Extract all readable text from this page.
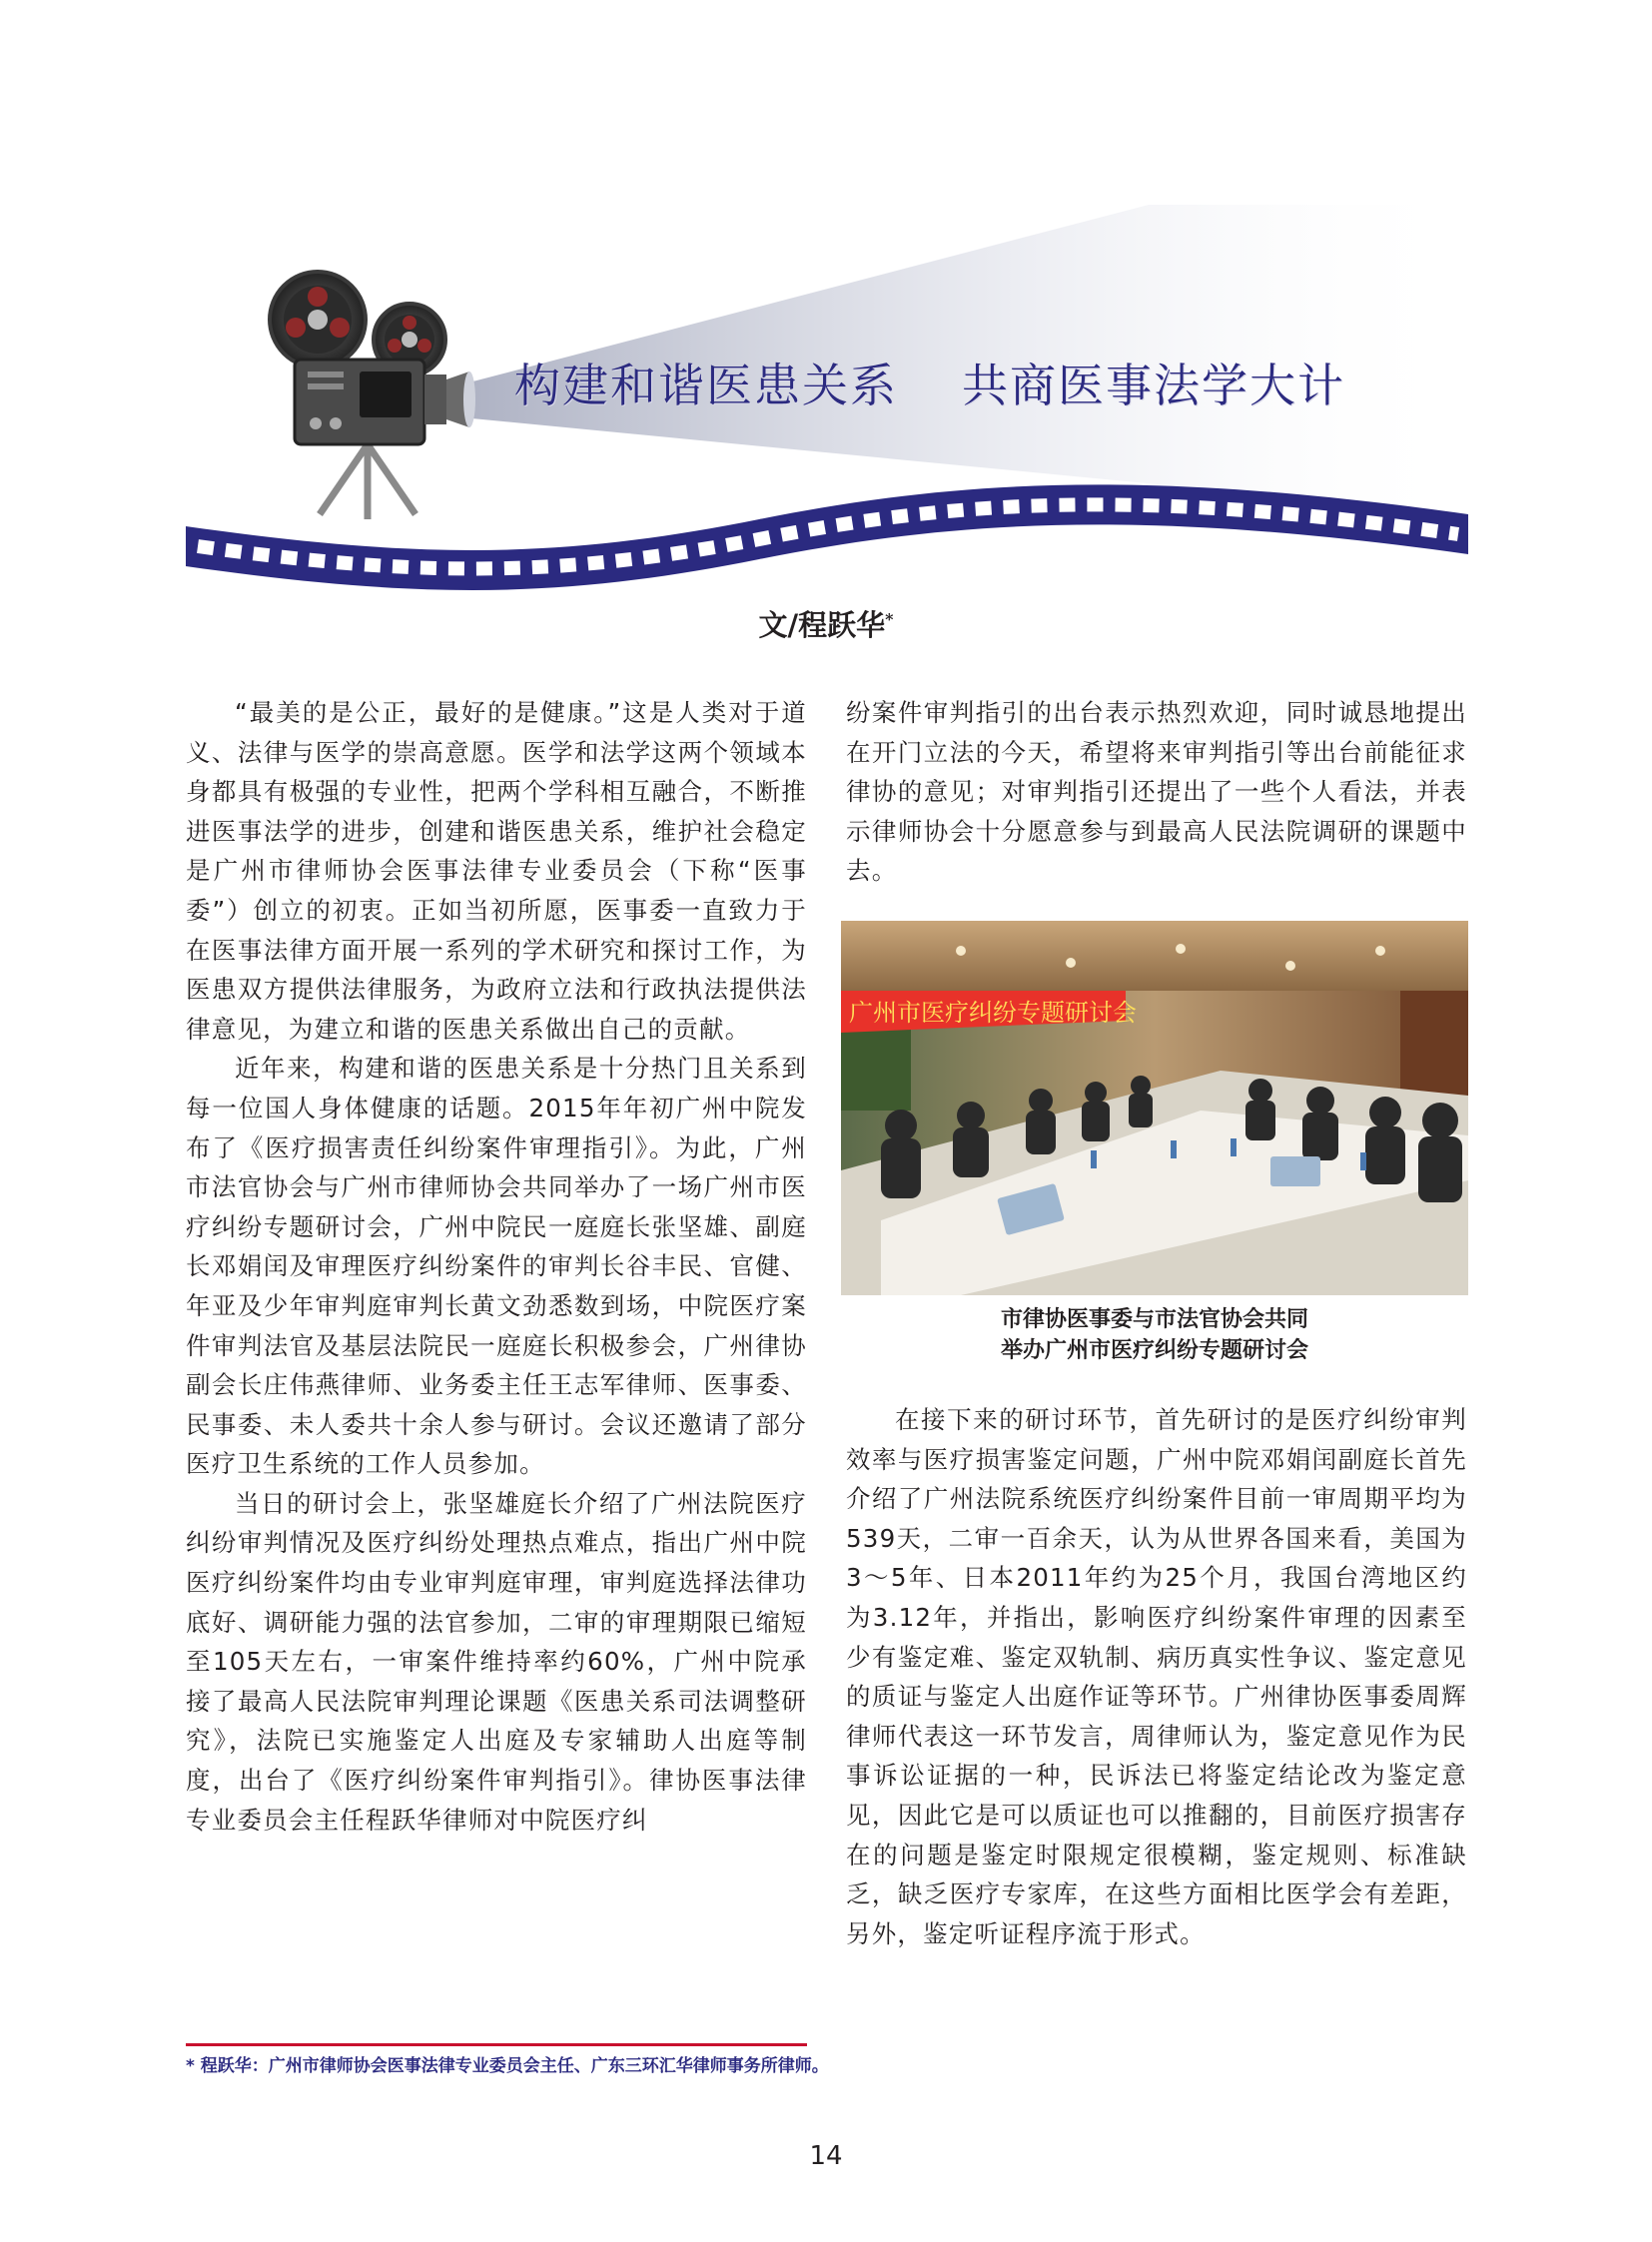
构建和谐医患关系 共商医事法学大计
文/程跃华*

“最美的是公正，最好的是健康。”这是人类对于道义、法律与医学的崇高意愿。医学和法学这两个领域本身都具有极强的专业性，把两个学科相互融合，不断推进医事法学的进步，创建和谐医患关系，维护社会稳定是广州市律师协会医事法律专业委员会（下称“医事委”）创立的初衷。正如当初所愿，医事委一直致力于在医事法律方面开展一系列的学术研究和探讨工作，为医患双方提供法律服务，为政府立法和行政执法提供法律意见，为建立和谐的医患关系做出自己的贡献。

近年来，构建和谐的医患关系是十分热门且关系到每一位国人身体健康的话题。2015年年初广州中院发布了《医疗损害责任纠纷案件审理指引》。为此，广州市法官协会与广州市律师协会共同举办了一场广州市医疗纠纷专题研讨会，广州中院民一庭庭长张坚雄、副庭长邓娟闰及审理医疗纠纷案件的审判长谷丰民、官健、年亚及少年审判庭审判长黄文劲悉数到场，中院医疗案件审判法官及基层法院民一庭庭长积极参会，广州律协副会长庄伟燕律师、业务委主任王志军律师、医事委、民事委、未人委共十余人参与研讨。会议还邀请了部分医疗卫生系统的工作人员参加。

当日的研讨会上，张坚雄庭长介绍了广州法院医疗纠纷审判情况及医疗纠纷处理热点难点，指出广州中院医疗纠纷案件均由专业审判庭审理，审判庭选择法律功底好、调研能力强的法官参加，二审的审理期限已缩短至105天左右，一审案件维持率约60%，广州中院承接了最高人民法院审判理论课题《医患关系司法调整研究》，法院已实施鉴定人出庭及专家辅助人出庭等制度，出台了《医疗纠纷案件审判指引》。律协医事法律专业委员会主任程跃华律师对中院医疗纠

纷案件审判指引的出台表示热烈欢迎，同时诚恳地提出在开门立法的今天，希望将来审判指引等出台前能征求律协的意见；对审判指引还提出了一些个人看法，并表示律师协会十分愿意参与到最高人民法院调研的课题中去。

广州市医疗纠纷专题研讨会
市律协医事委与市法官协会共同
举办广州市医疗纠纷专题研讨会

在接下来的研讨环节，首先研讨的是医疗纠纷审判效率与医疗损害鉴定问题，广州中院邓娟闰副庭长首先介绍了广州法院系统医疗纠纷案件目前一审周期平均为539天，二审一百余天，认为从世界各国来看，美国为3～5年、日本2011年约为25个月，我国台湾地区约为3.12年，并指出，影响医疗纠纷案件审理的因素至少有鉴定难、鉴定双轨制、病历真实性争议、鉴定意见的质证与鉴定人出庭作证等环节。广州律协医事委周辉律师代表这一环节发言，周律师认为，鉴定意见作为民事诉讼证据的一种，民诉法已将鉴定结论改为鉴定意见，因此它是可以质证也可以推翻的，目前医疗损害存在的问题是鉴定时限规定很模糊，鉴定规则、标准缺乏，缺乏医疗专家库，在这些方面相比医学会有差距，另外，鉴定听证程序流于形式。

* 程跃华：广州市律师协会医事法律专业委员会主任、广东三环汇华律师事务所律师。
14
